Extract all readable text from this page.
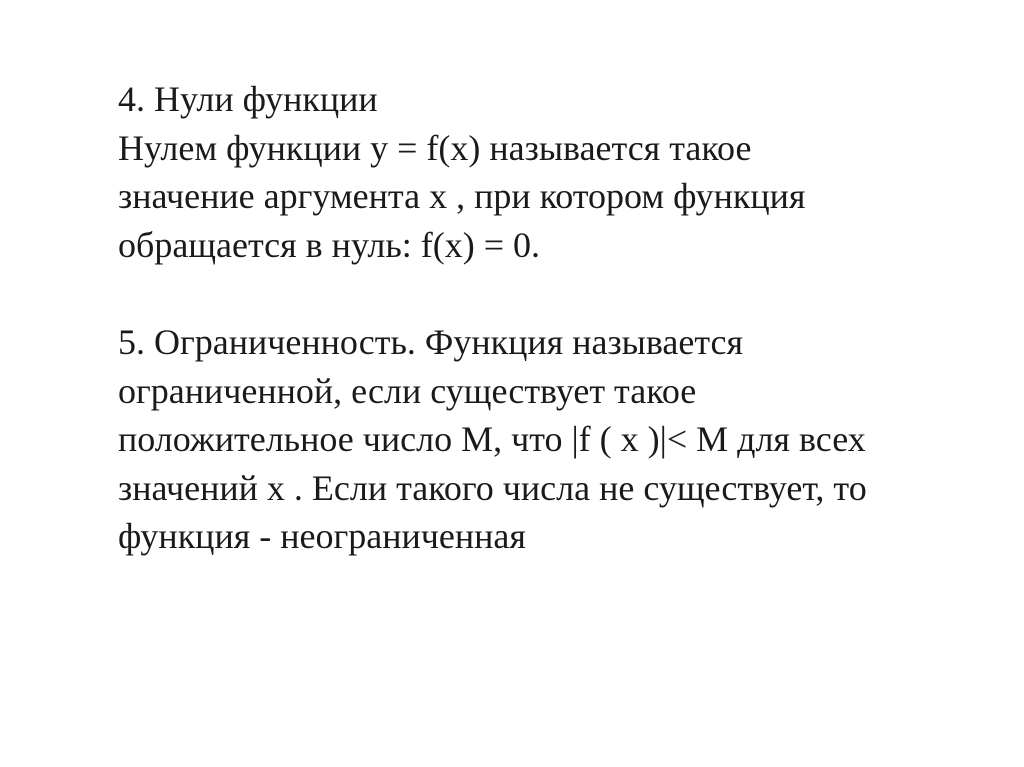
4. Нули функции
Нулем функции y = f(x) называется такое
значение аргумента х , при котором функция
обращается в нуль: f(x) = 0.
5. Ограниченность. Функция называется
ограниченной, если существует такое
положительное число M, что |f ( x )|< M для всех
значений х . Если такого числа не существует, то
функция - неограниченная
